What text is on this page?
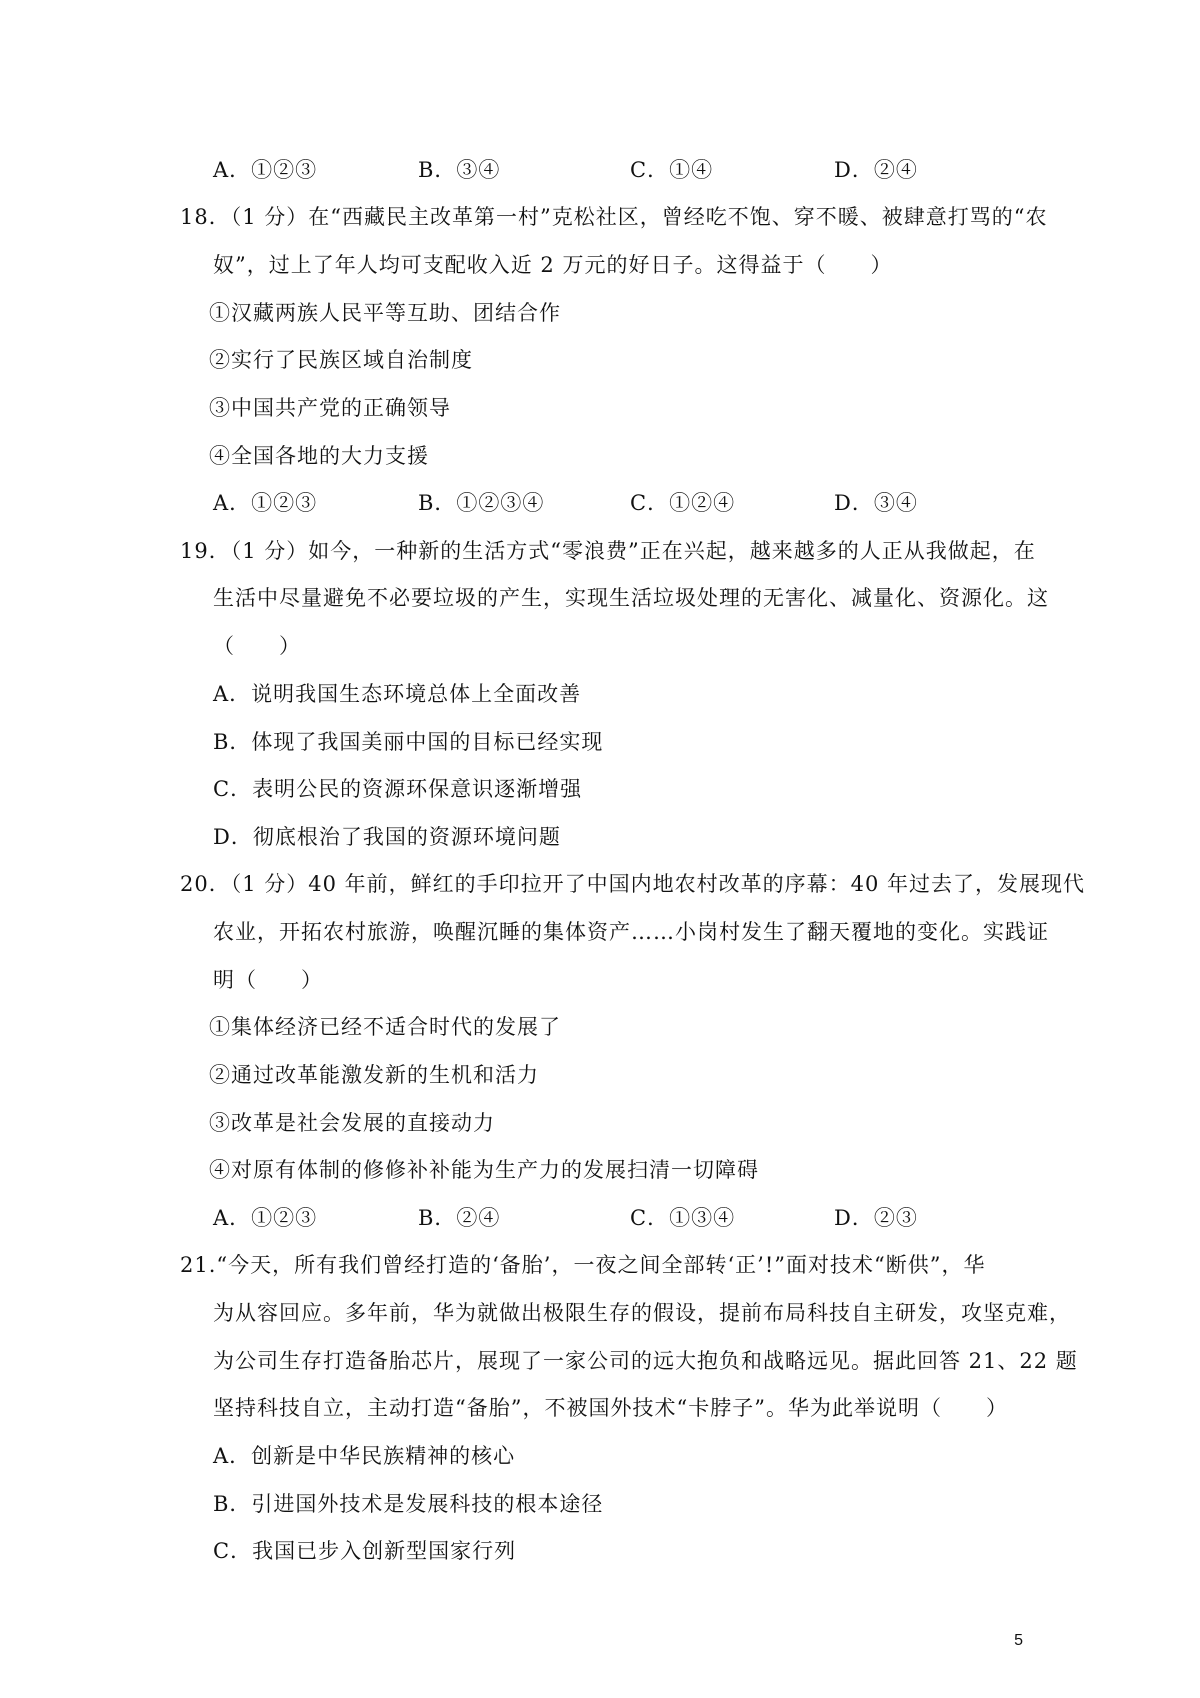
A．①②③	B．③④	C．①④	D．②④
18．（1 分）在“西藏民主改革第一村”克松社区，曾经吃不饱、穿不暖、被肆意打骂的“农
奴”，过上了年人均可支配收入近 2 万元的好日子。这得益于（　　）
①汉藏两族人民平等互助、团结合作
②实行了民族区域自治制度
③中国共产党的正确领导
④全国各地的大力支援
A．①②③	B．①②③④	C．①②④	D．③④
19．（1 分）如今，一种新的生活方式“零浪费”正在兴起，越来越多的人正从我做起，在
生活中尽量避免不必要垃圾的产生，实现生活垃圾处理的无害化、减量化、资源化。这
（　　）
A．说明我国生态环境总体上全面改善
B．体现了我国美丽中国的目标已经实现
C．表明公民的资源环保意识逐渐增强
D．彻底根治了我国的资源环境问题
20．（1 分）40 年前，鲜红的手印拉开了中国内地农村改革的序幕：40 年过去了，发展现代
农业，开拓农村旅游，唤醒沉睡的集体资产……小岗村发生了翻天覆地的变化。实践证
明（　　）
①集体经济已经不适合时代的发展了
②通过改革能激发新的生机和活力
③改革是社会发展的直接动力
④对原有体制的修修补补能为生产力的发展扫清一切障碍
A．①②③	B．②④	C．①③④	D．②③
21.“今天，所有我们曾经打造的‘备胎’，一夜之间全部转‘正’!”面对技术“断供”，华
为从容回应。多年前，华为就做出极限生存的假设，提前布局科技自主研发，攻坚克难，
为公司生存打造备胎芯片，展现了一家公司的远大抱负和战略远见。据此回答 21、22 题
坚持科技自立，主动打造“备胎”，不被国外技术“卡脖子”。华为此举说明（　　）
A．创新是中华民族精神的核心
B．引进国外技术是发展科技的根本途径
C．我国已步入创新型国家行列
5
